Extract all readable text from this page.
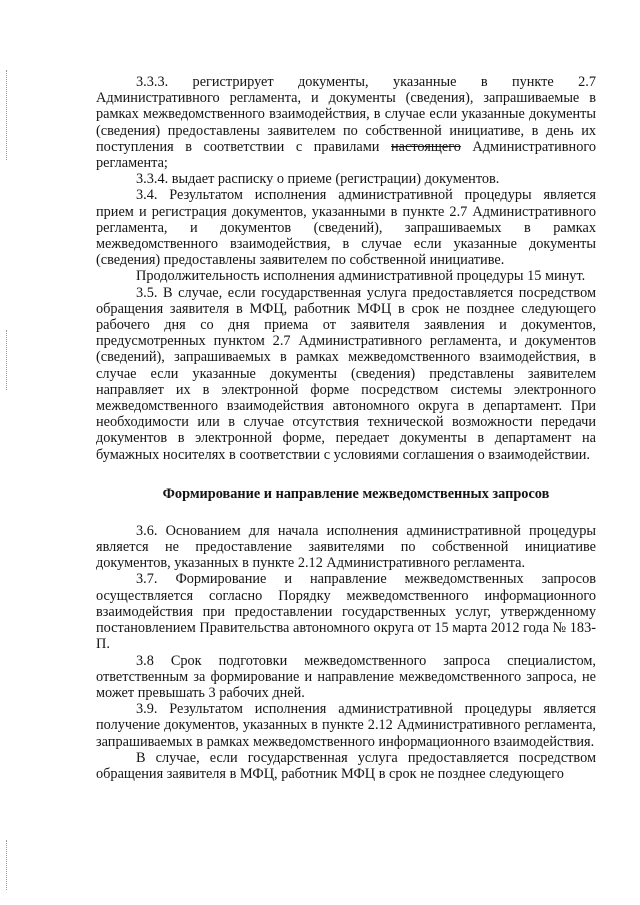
3.3.3. регистрирует документы, указанные в пункте 2.7 Административного регламента, и документы (сведения), запрашиваемые в рамках межведомственного взаимодействия, в случае если указанные документы (сведения) предоставлены заявителем по собственной инициативе, в день их поступления в соответствии с правилами настоящего Административного регламента;

3.3.4. выдает расписку о приеме (регистрации) документов.

3.4. Результатом исполнения административной процедуры является прием и регистрация документов, указанными в пункте 2.7 Административного регламента, и документов (сведений), запрашиваемых в рамках межведомственного взаимодействия, в случае если указанные документы (сведения) предоставлены заявителем по собственной инициативе.

Продолжительность исполнения административной процедуры 15 минут.

3.5. В случае, если государственная услуга предоставляется посредством обращения заявителя в МФЦ, работник МФЦ в срок не позднее следующего рабочего дня со дня приема от заявителя заявления и документов, предусмотренных пунктом 2.7 Административного регламента, и документов (сведений), запрашиваемых в рамках межведомственного взаимодействия, в случае если указанные документы (сведения) представлены заявителем направляет их в электронной форме посредством системы электронного межведомственного взаимодействия автономного округа в департамент. При необходимости или в случае отсутствия технической возможности передачи документов в электронной форме, передает документы в департамент на бумажных носителях в соответствии с условиями соглашения о взаимодействии.

Формирование и направление межведомственных запросов

3.6. Основанием для начала исполнения административной процедуры является не предоставление заявителями по собственной инициативе документов, указанных в пункте 2.12 Административного регламента.

3.7. Формирование и направление межведомственных запросов осуществляется согласно Порядку межведомственного информационного взаимодействия при предоставлении государственных услуг, утвержденному постановлением Правительства автономного округа от 15 марта 2012 года № 183-П.

3.8 Срок подготовки межведомственного запроса специалистом, ответственным за формирование и направление межведомственного запроса, не может превышать 3 рабочих дней.

3.9. Результатом исполнения административной процедуры является получение документов, указанных в пункте 2.12 Административного регламента, запрашиваемых в рамках межведомственного информационного взаимодействия.

В случае, если государственная услуга предоставляется посредством обращения заявителя в МФЦ, работник МФЦ в срок не позднее следующего
